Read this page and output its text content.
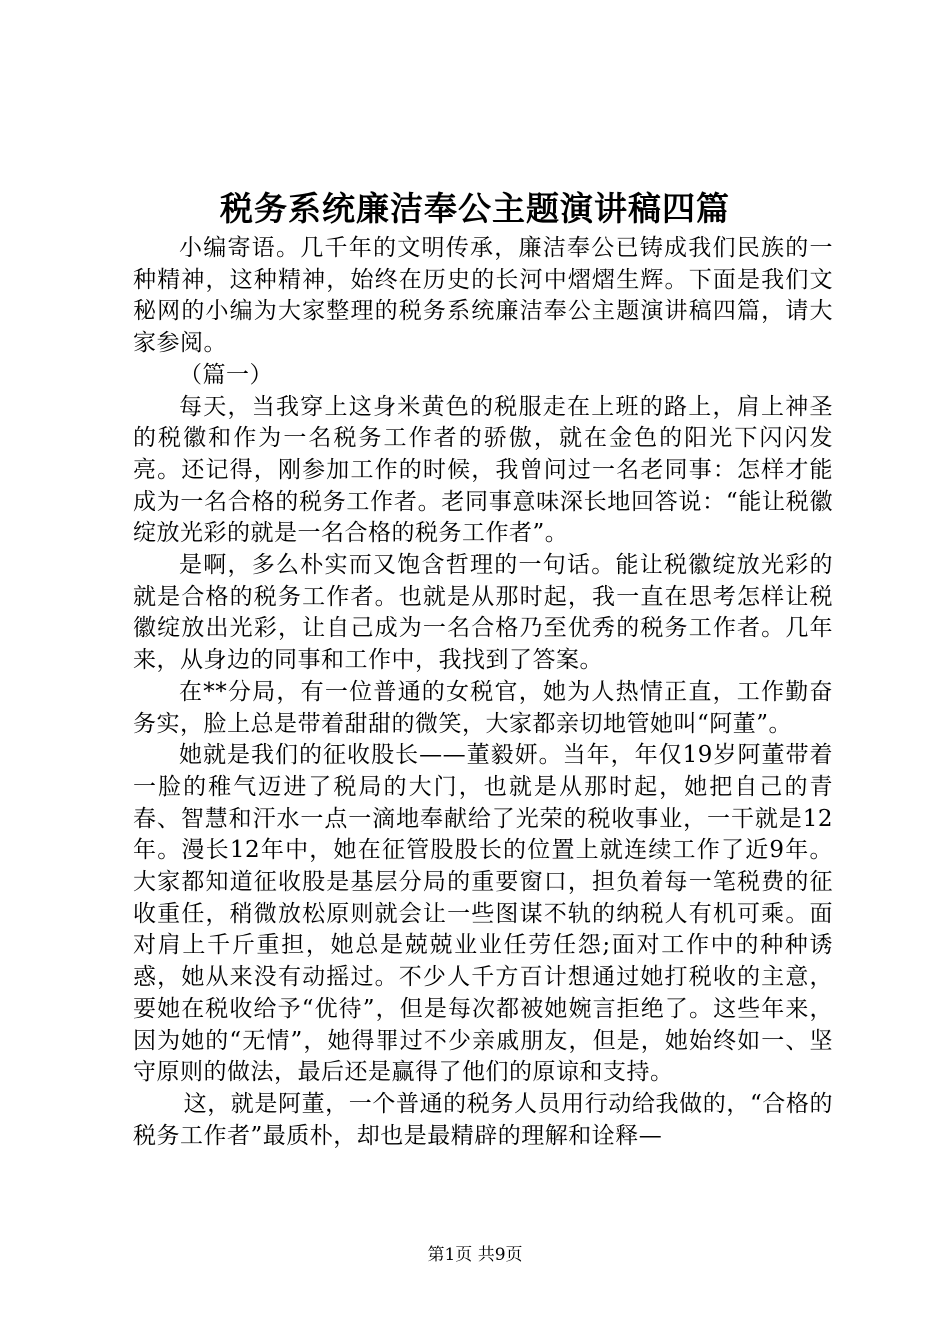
税务系统廉洁奉公主题演讲稿四篇

小编寄语。几千年的文明传承，廉洁奉公已铸成我们民族的一种精神，这种精神，始终在历史的长河中熠熠生辉。下面是我们文秘网的小编为大家整理的税务系统廉洁奉公主题演讲稿四篇，请大家参阅。

（篇一）

每天，当我穿上这身米黄色的税服走在上班的路上，肩上神圣的税徽和作为一名税务工作者的骄傲，就在金色的阳光下闪闪发亮。还记得，刚参加工作的时候，我曾问过一名老同事：怎样才能成为一名合格的税务工作者。老同事意味深长地回答说：“能让税徽绽放光彩的就是一名合格的税务工作者”。

是啊，多么朴实而又饱含哲理的一句话。能让税徽绽放光彩的就是合格的税务工作者。也就是从那时起，我一直在思考怎样让税徽绽放出光彩，让自己成为一名合格乃至优秀的税务工作者。几年来，从身边的同事和工作中，我找到了答案。

在**分局，有一位普通的女税官，她为人热情正直，工作勤奋务实，脸上总是带着甜甜的微笑，大家都亲切地管她叫“阿董”。

她就是我们的征收股长——董毅妍。当年，年仅19岁阿董带着一脸的稚气迈进了税局的大门，也就是从那时起，她把自己的青春、智慧和汗水一点一滴地奉献给了光荣的税收事业，一干就是12年。漫长12年中，她在征管股股长的位置上就连续工作了近9年。大家都知道征收股是基层分局的重要窗口，担负着每一笔税费的征收重任，稍微放松原则就会让一些图谋不轨的纳税人有机可乘。面对肩上千斤重担，她总是兢兢业业任劳任怨;面对工作中的种种诱惑，她从来没有动摇过。不少人千方百计想通过她打税收的主意，要她在税收给予“优待”，但是每次都被她婉言拒绝了。这些年来，因为她的“无情”，她得罪过不少亲戚朋友，但是，她始终如一、坚守原则的做法，最后还是赢得了他们的原谅和支持。

这，就是阿董，一个普通的税务人员用行动给我做的，“合格的税务工作者”最质朴，却也是最精辟的理解和诠释—

第1页 共9页
